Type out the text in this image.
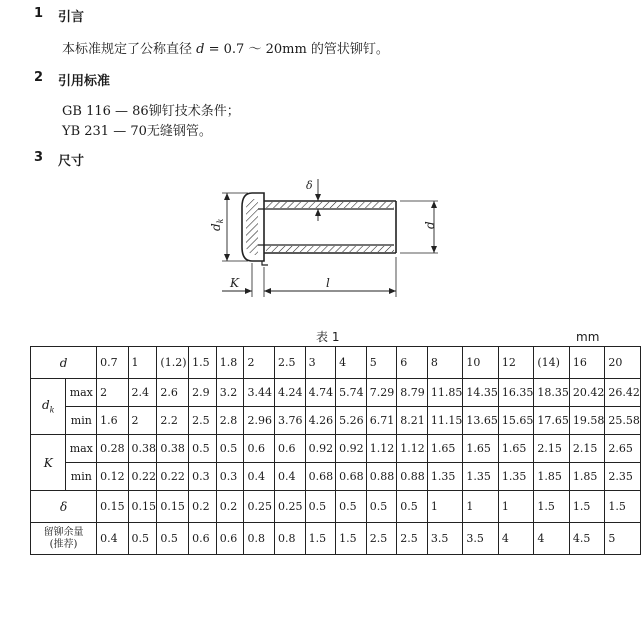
1 引言
本标准规定了公称直径 d = 0.7 ～ 20mm 的管状铆钉。
2 引用标准
GB 116 — 86铆钉技术条件；
YB 231 — 70无缝钢管。
3 尺寸
$d_k$
d
δ
K	l
表 1	mm
d		0.7	1	(1.2)	1.5	1.8	2	2.5	3	4	5	6	8	10	12	(14)	16	20
$d_k$	max	2	2.4	2.6	2.9	3.2	3.44	4.24	4.74	5.74	7.29	8.79	11.85	14.35	16.35	18.35	20.42	26.42
	min	1.6	2	2.2	2.5	2.8	2.96	3.76	4.26	5.26	6.71	8.21	11.15	13.65	15.65	17.65	19.58	25.58
K	max	0.28	0.38	0.38	0.5	0.5	0.6	0.6	0.92	0.92	1.12	1.12	1.65	1.65	1.65	2.15	2.15	2.65
	min	0.12	0.22	0.22	0.3	0.3	0.4	0.4	0.68	0.68	0.88	0.88	1.35	1.35	1.35	1.85	1.85	2.35
δ		0.15	0.15	0.15	0.2	0.2	0.25	0.25	0.5	0.5	0.5	0.5	1	1	1	1.5	1.5	1.5

留铆余量
(推荐)		0.4	0.5	0.5	0.6	0.6	0.8	0.8	1.5	1.5	2.5	2.5	3.5	3.5	4	4	4.5	5
